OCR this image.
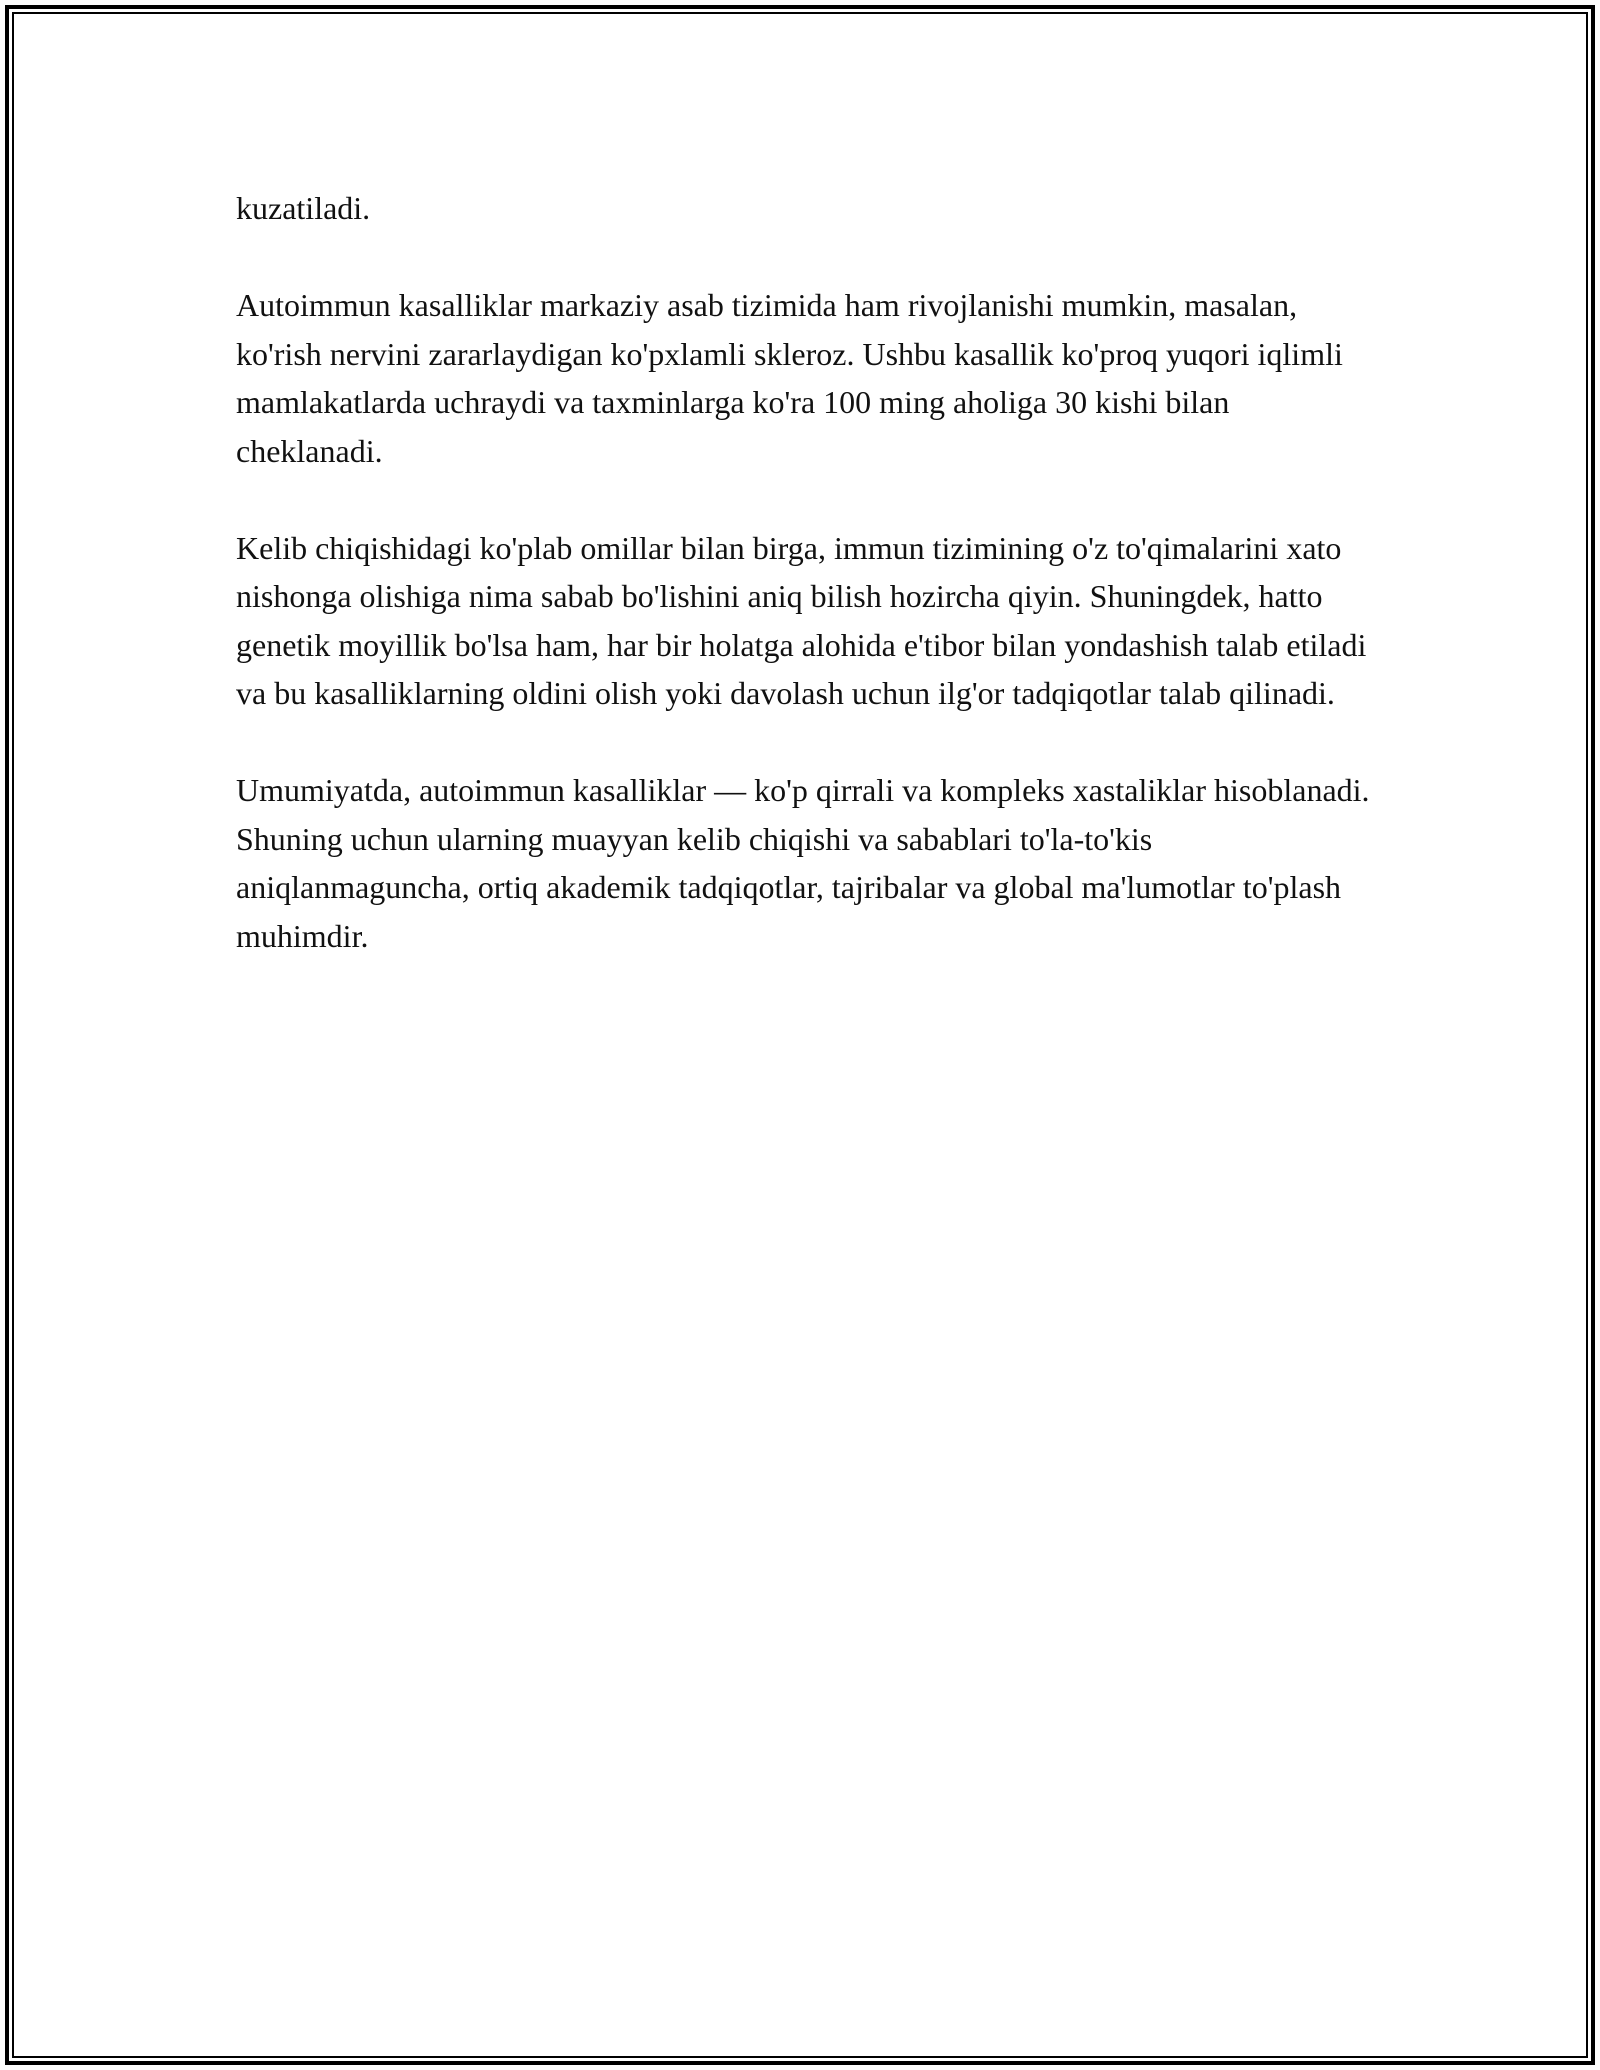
kuzatiladi.

Autoimmun kasalliklar markaziy asab tizimida ham rivojlanishi mumkin, masalan, ko'rish nervini zararlaydigan ko'pxlamli skleroz. Ushbu kasallik ko'proq yuqori iqlimli mamlakatlarda uchraydi va taxminlarga ko'ra 100 ming aholiga 30 kishi bilan cheklanadi.

Kelib chiqishidagi ko'plab omillar bilan birga, immun tizimining o'z to'qimalarini xato nishonga olishiga nima sabab bo'lishini aniq bilish hozircha qiyin. Shuningdek, hatto genetik moyillik bo'lsa ham, har bir holatga alohida e'tibor bilan yondashish talab etiladi va bu kasalliklarning oldini olish yoki davolash uchun ilg'or tadqiqotlar talab qilinadi.

Umumiyatda, autoimmun kasalliklar — ko'p qirrali va kompleks xastaliklar hisoblanadi. Shuning uchun ularning muayyan kelib chiqishi va sabablari to'la-to'kis aniqlanmaguncha, ortiq akademik tadqiqotlar, tajribalar va global ma'lumotlar to'plash muhimdir.
